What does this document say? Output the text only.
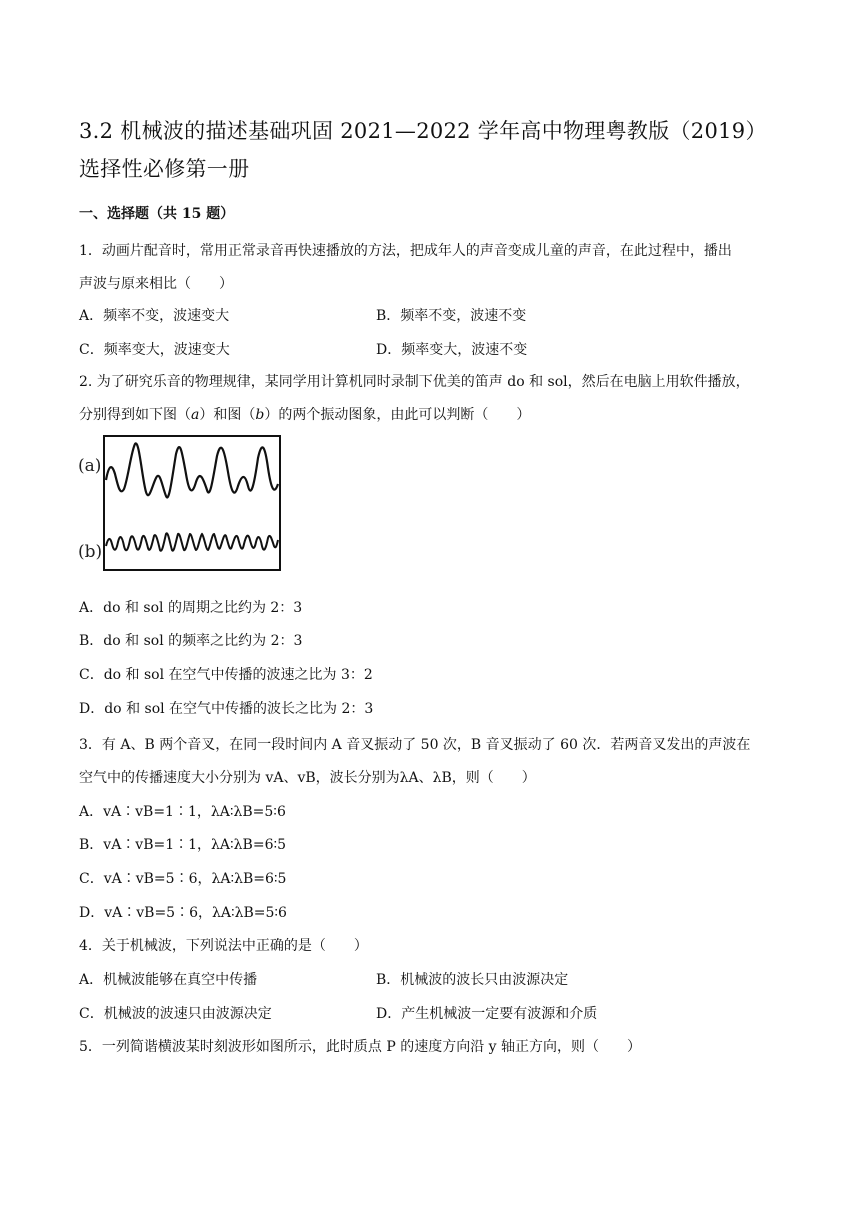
3.2 机械波的描述基础巩固 2021—2022 学年高中物理粤教版（2019）
选择性必修第一册
一、选择题（共 15 题）
1．动画片配音时，常用正常录音再快速播放的方法，把成年人的声音变成儿童的声音，在此过程中，播出
声波与原来相比（　　）
A．频率不变，波速变大	B．频率不变，波速不变
C．频率变大，波速变大	D．频率变大，波速不变
2. 为了研究乐音的物理规律，某同学用计算机同时录制下优美的笛声 do 和 sol，然后在电脑上用软件播放，
分别得到如下图（a）和图（b）的两个振动图象，由此可以判断（　　）
(a)
(b)
A．do 和 sol 的周期之比约为 2：3
B．do 和 sol 的频率之比约为 2：3
C．do 和 sol 在空气中传播的波速之比为 3：2
D．do 和 sol 在空气中传播的波长之比为 2：3
3．有 A、B 两个音叉，在同一段时间内 A 音叉振动了 50 次，B 音叉振动了 60 次．若两音叉发出的声波在
空气中的传播速度大小分别为 vA、vB，波长分别为λA、λB，则（　　）
A．vA∶vB=1∶1，λA∶λB=5∶6
B．vA∶vB=1∶1，λA∶λB=6∶5
C．vA∶vB=5∶6，λA∶λB=6∶5
D．vA∶vB=5∶6，λA∶λB=5∶6
4．关于机械波，下列说法中正确的是（　　）
A．机械波能够在真空中传播	B．机械波的波长只由波源决定
C．机械波的波速只由波源决定	D．产生机械波一定要有波源和介质
5．一列简谐横波某时刻波形如图所示，此时质点 P 的速度方向沿 y 轴正方向，则（　　）
